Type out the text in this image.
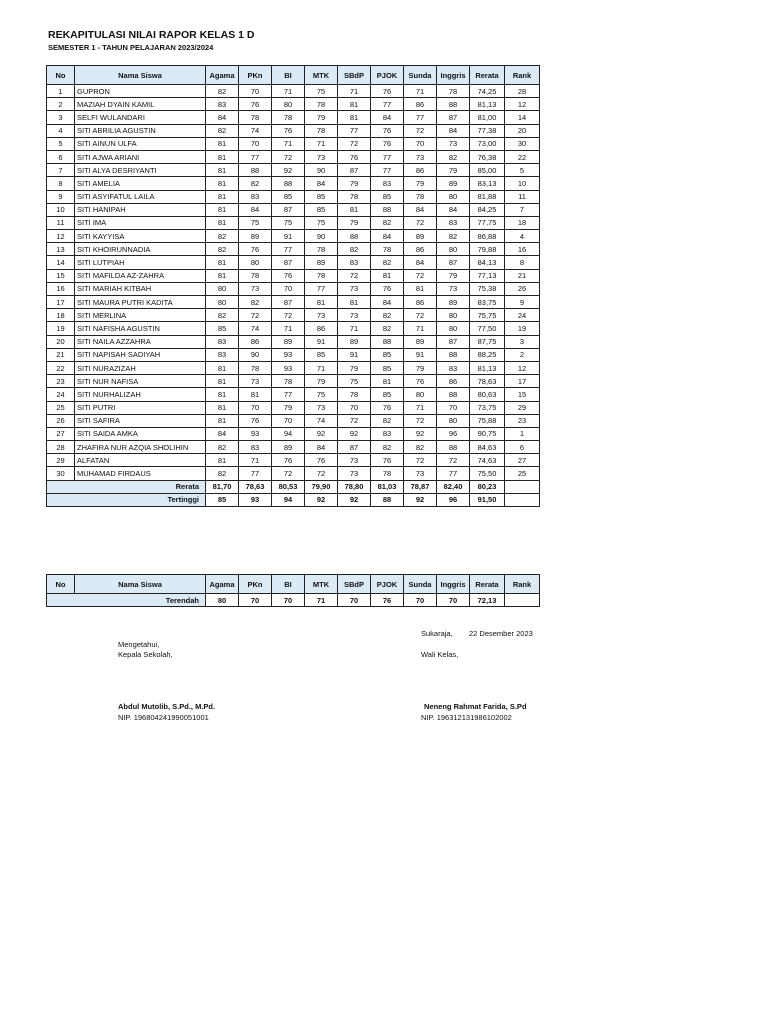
REKAPITULASI NILAI RAPOR KELAS 1 D
SEMESTER 1 - TAHUN PELAJARAN 2023/2024
No	Nama Siswa	Agama	PKn	BI	MTK	SBdP	PJOK	Sunda	Inggris	Rerata	Rank
1	GUPRON	82	70	71	75	71	76	71	78	74,25	28
2	MAZIAH DYAIN KAMIL	83	76	80	78	81	77	86	88	81,13	12
3	SELFI WULANDARI	84	78	78	79	81	84	77	87	81,00	14
4	SITI ABRILIA AGUSTIN	82	74	76	78	77	76	72	84	77,38	20
5	SITI AINUN ULFA	81	70	71	71	72	76	70	73	73,00	30
6	SITI AJWA ARIANI	81	77	72	73	76	77	73	82	76,38	22
7	SITI ALYA DESRIYANTI	81	88	92	90	87	77	86	79	85,00	5
8	SITI AMELIA	81	82	88	84	79	83	79	89	83,13	10
9	SITI ASYIFATUL LAILA	81	83	85	85	78	85	78	80	81,88	11
10	SITI HANIPAH	81	84	87	85	81	88	84	84	84,25	7
11	SITI IMA	81	75	75	75	79	82	72	83	77,75	18
12	SITI KAYYISA	82	89	91	90	88	84	89	82	86,88	4
13	SITI KHOIRUNNADIA	82	76	77	78	82	78	86	80	79,88	16
14	SITI LUTPIAH	81	80	87	89	83	82	84	87	84,13	8
15	SITI MAFILDA AZ-ZAHRA	81	78	76	78	72	81	72	79	77,13	21
16	SITI MARIAH KITBAH	80	73	70	77	73	76	81	73	75,38	26
17	SITI MAURA PUTRI KADITA	80	82	87	81	81	84	86	89	83,75	9
18	SITI MERLINA	82	72	72	73	73	82	72	80	75,75	24
19	SITI NAFISHA AGUSTIN	85	74	71	86	71	82	71	80	77,50	19
20	SITI NAILA AZZAHRA	83	86	89	91	89	88	89	87	87,75	3
21	SITI NAPISAH SADIYAH	83	90	93	85	91	85	91	88	88,25	2
22	SITI NURAZIZAH	81	78	93	71	79	85	79	83	81,13	12
23	SITI NUR NAFISA	81	73	78	79	75	81	76	86	78,63	17
24	SITI NURHALIZAH	81	81	77	75	78	85	80	88	80,63	15
25	SITI PUTRI	81	70	79	73	70	76	71	70	73,75	29
26	SITI SAFIRA	81	76	70	74	72	82	72	80	75,88	23
27	SITI SAIDA AMKA	84	93	94	92	92	83	92	96	90,75	1
28	ZHAFIRA NUR AZQIA SHOLIHIN	82	83	89	84	87	82	82	88	84,63	6
29	ALFATAN	81	71	76	76	73	76	72	72	74,63	27
30	MUHAMAD FIRDAUS	82	77	72	72	73	78	73	77	75,50	25
Rerata		81,70	78,63	80,53	79,90	78,80	81,03	78,87	82,40	80,23	
Tertinggi		85	93	94	92	92	88	92	96	91,50	
No	Nama Siswa	Agama	PKn	BI	MTK	SBdP	PJOK	Sunda	Inggris	Rerata	Rank
Terendah		80	70	70	71	70	76	70	70	72,13	
Sukaraja, 22 Desember 2023
Mengetahui,
Kepala Sekolah,	Wali Kelas,
Abdul Mutolib, S.Pd., M.Pd.
NIP. 196804241990051001
Neneng Rahmat Farida, S.Pd
NIP. 196312131986102002
